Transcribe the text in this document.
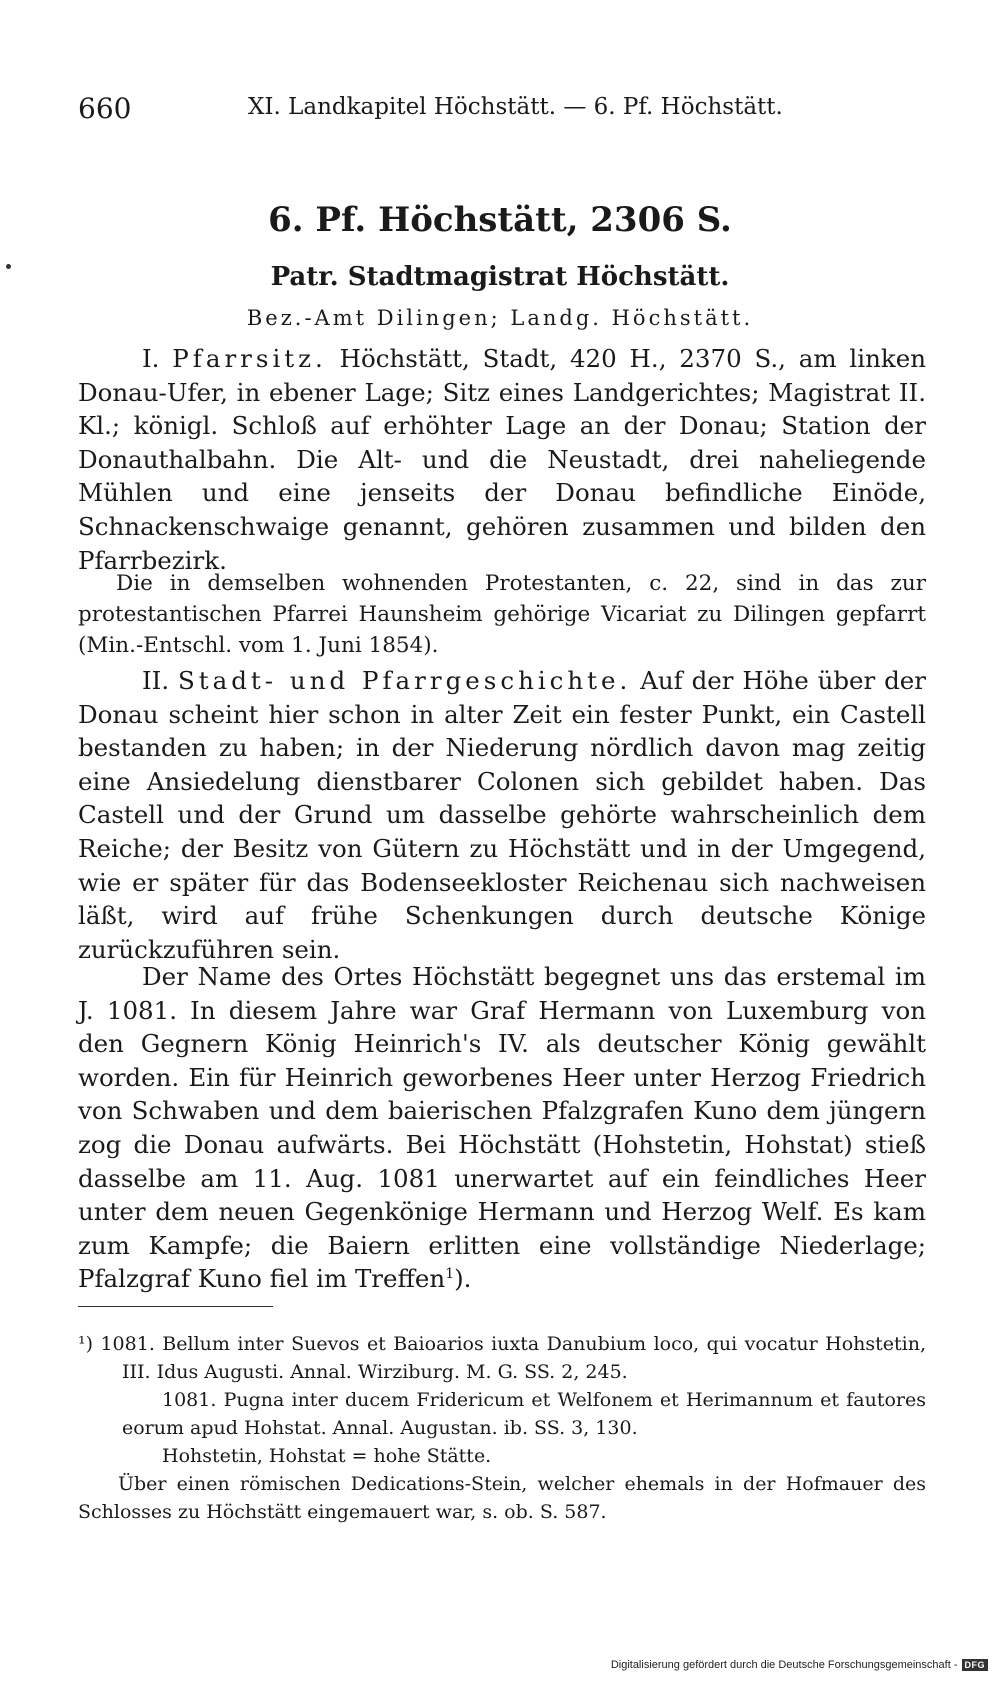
660	XI. Landkapitel Höchstätt. — 6. Pf. Höchstätt.
6. Pf. Höchstätt, 2306 S.
Patr. Stadtmagistrat Höchstätt.
Bez.-Amt Dilingen; Landg. Höchstätt.
I. Pfarrsitz. Höchstätt, Stadt, 420 H., 2370 S., am linken Donau-Ufer, in ebener Lage; Sitz eines Landgerichtes; Magistrat II. Kl.; königl. Schloß auf erhöhter Lage an der Donau; Station der Donauthalbahn. Die Alt- und die Neustadt, drei naheliegende Mühlen und eine jenseits der Donau befindliche Einöde, Schnackenschwaige genannt, gehören zusammen und bilden den Pfarrbezirk.
Die in demselben wohnenden Protestanten, c. 22, sind in das zur protestantischen Pfarrei Haunsheim gehörige Vicariat zu Dilingen gepfarrt (Min.-Entschl. vom 1. Juni 1854).
II. Stadt- und Pfarrgeschichte. Auf der Höhe über der Donau scheint hier schon in alter Zeit ein fester Punkt, ein Castell bestanden zu haben; in der Niederung nördlich davon mag zeitig eine Ansiedelung dienstbarer Colonen sich gebildet haben. Das Castell und der Grund um dasselbe gehörte wahrscheinlich dem Reiche; der Besitz von Gütern zu Höchstätt und in der Umgegend, wie er später für das Bodenseekloster Reichenau sich nachweisen läßt, wird auf frühe Schenkungen durch deutsche Könige zurückzuführen sein.
Der Name des Ortes Höchstätt begegnet uns das erstemal im J. 1081. In diesem Jahre war Graf Hermann von Luxemburg von den Gegnern König Heinrich's IV. als deutscher König gewählt worden. Ein für Heinrich geworbenes Heer unter Herzog Friedrich von Schwaben und dem baierischen Pfalzgrafen Kuno dem jüngern zog die Donau aufwärts. Bei Höchstätt (Hohstetin, Hohstat) stieß dasselbe am 11. Aug. 1081 unerwartet auf ein feindliches Heer unter dem neuen Gegenkönige Hermann und Herzog Welf. Es kam zum Kampfe; die Baiern erlitten eine vollständige Niederlage; Pfalzgraf Kuno fiel im Treffen$^1$).

¹) 1081. Bellum inter Suevos et Baioarios iuxta Danubium loco, qui vocatur Hohstetin, III. Idus Augusti. Annal. Wirziburg. M. G. SS. 2, 245.

1081. Pugna inter ducem Fridericum et Welfonem et Herimannum et fautores eorum apud Hohstat. Annal. Augustan. ib. SS. 3, 130.

Hohstetin, Hohstat = hohe Stätte.

Über einen römischen Dedications-Stein, welcher ehemals in der Hofmauer des Schlosses zu Höchstätt eingemauert war, s. ob. S. 587.

Digitalisierung gefördert durch die Deutsche Forschungsgemeinschaft - DFG
